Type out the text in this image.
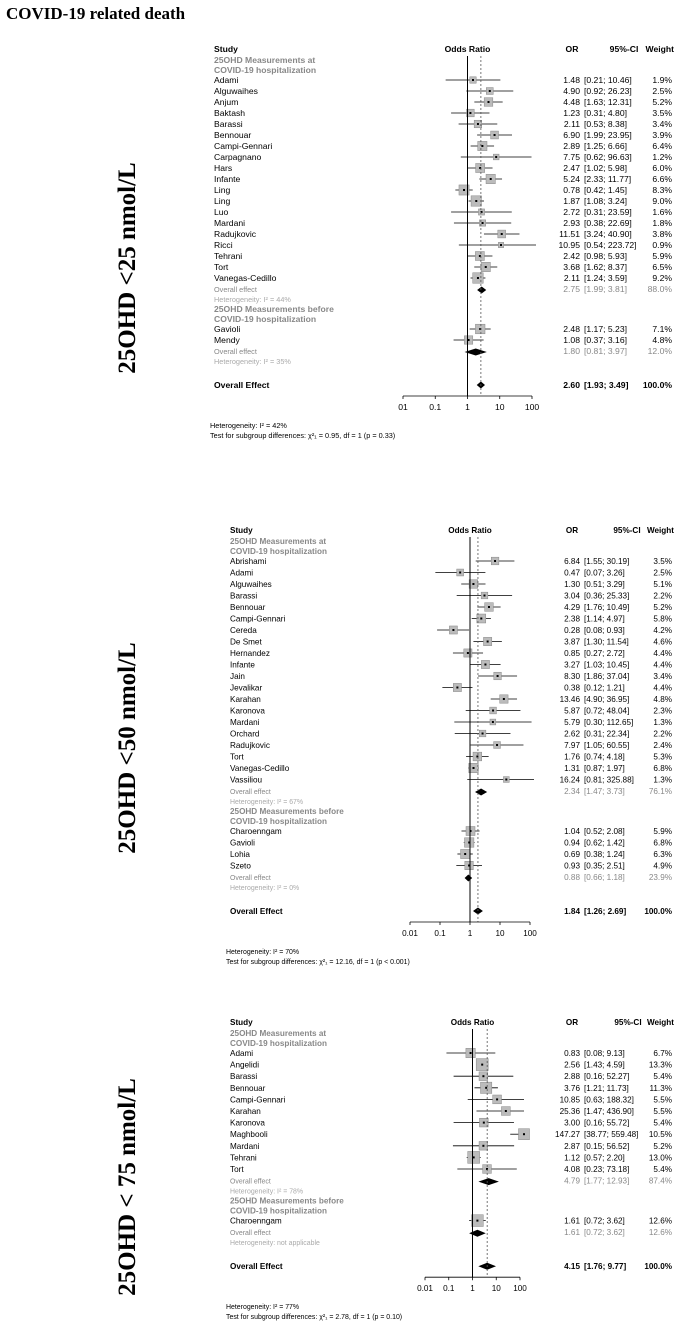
COVID-19 related death
25OHD <25 nmol/L
25OHD <50 nmol/L
25OHD < 75 nmol/L
Study	Odds Ratio	OR	95%-CI Weight
25OHD Measurements at
COVID-19 hospitalization
Adami	1.48 [0.21; 10.46] 1.9%
Alguwaihes	4.90 [0.92; 26.23] 2.5%
Anjum	4.48 [1.63; 12.31] 5.2%
Baktash	1.23 [0.31; 4.80]	3.5%
Barassi	2.11 [0.53; 8.38]	3.4%
Bennouar	6.90 [1.99; 23.95] 3.9%
Campi-Gennari	2.89 [1.25; 6.66]	6.4%
Carpagnano	7.75 [0.62; 96.63] 1.2%
Hars	2.47 [1.02; 5.98]	6.0%
Infante	5.24 [2.33; 11.77] 6.6%
Ling	0.78 [0.42; 1.45]	8.3%
Ling	1.87 [1.08; 3.24]	9.0%
Luo	2.72 [0.31; 23.59] 1.6%
Mardani	2.93 [0.38; 22.69] 1.8%
Radujkovic	11.51 [3.24; 40.90] 3.8%
Ricci	10.95 [0.54; 223.72] 0.9%
Tehrani	2.42 [0.98; 5.93]	5.9%
Tort	3.68 [1.62; 8.37]	6.5%
Vanegas-Cedillo	2.11 [1.24; 3.59]	9.2%
Overall effect	2.75 [1.99; 3.81] 88.0%
Heterogeneity: I² = 44%
25OHD Measurements before
COVID-19 hospitalization
Gavioli	2.48 [1.17; 5.23]	7.1%
Mendy	1.08 [0.37; 3.16]	4.8%
Overall effect	1.80 [0.81; 3.97] 12.0%
Heterogeneity: I² = 35%
Overall Effect	2.60 [1.93; 3.49] 100.0%
01 0.1	1	10 100
Heterogeneity: I² = 42%
Test for subgroup differences: χ²₁ = 0.95, df = 1 (p = 0.33)
Study	Odds Ratio	OR	95%-CI Weight
25OHD Measurements at
COVID-19 hospitalization
Abrishami	6.84 [1.55; 30.19]	3.5%
Adami	0.47 [0.07; 3.26]	2.5%
Alguwaihes	1.30 [0.51; 3.29]	5.1%
Barassi	3.04 [0.36; 25.33]	2.2%
Bennouar	4.29 [1.76; 10.49]	5.2%
Campi-Gennari	2.38 [1.14; 4.97]	5.8%
Cereda	0.28 [0.08; 0.93]	4.2%
De Smet	3.87 [1.30; 11.54]	4.6%
Hernandez	0.85 [0.27; 2.72]	4.4%
Infante	3.27 [1.03; 10.45]	4.4%
Jain	8.30 [1.86; 37.04]	3.4%
Jevalikar	0.38 [0.12; 1.21]	4.4%
Karahan	13.46 [4.90; 36.95]	4.8%
Karonova	5.87 [0.72; 48.04]	2.3%
Mardani	5.79 [0.30; 112.65] 1.3%
Orchard	2.62 [0.31; 22.34]	2.2%
Radujkovic	7.97 [1.05; 60.55]	2.4%
Tort	1.76 [0.74; 4.18]	5.3%
Vanegas-Cedillo	1.31 [0.87; 1.97]	6.8%
Vassiliou	16.24 [0.81; 325.88] 1.3%
Overall effect	2.34 [1.47; 3.73]	76.1%
Heterogeneity: I² = 67%
25OHD Measurements before
COVID-19 hospitalization
Charoenngam	1.04 [0.52; 2.08]	5.9%
Gavioli	0.94 [0.62; 1.42]	6.8%
Lohia	0.69 [0.38; 1.24]	6.3%
Szeto	0.93 [0.35; 2.51]	4.9%
Overall effect	0.88 [0.66; 1.18]	23.9%
Heterogeneity: I² = 0%
Overall Effect	1.84 [1.26; 2.69] 100.0%
0.01 0.1	1	10 100
Heterogeneity: I² = 70%
Test for subgroup differences: χ²₁ = 12.16, df = 1 (p < 0.001)
Study	Odds Ratio	OR	95%-CI Weight
25OHD Measurements at
COVID-19 hospitalization
Adami	0.83 [0.08; 9.13]	6.7%
Angelidi	2.56 [1.43; 4.59]	13.3%
Barassi	2.88 [0.16; 52.27]	5.4%
Bennouar	3.76 [1.21; 11.73]	11.3%
Campi-Gennari	10.85 [0.63; 188.32] 5.5%
Karahan	25.36 [1.47; 436.90] 5.5%
Karonova	3.00 [0.16; 55.72]	5.4%
Maghbooli	147.27 [38.77; 559.48] 10.5%
Mardani	2.87 [0.15; 56.52]	5.2%
Tehrani	1.12 [0.57; 2.20]	13.0%
Tort	4.08 [0.23; 73.18]	5.4%
Overall effect	4.79 [1.77; 12.93] 87.4%
Heterogeneity: I² = 78%
25OHD Measurements before
COVID-19 hospitalization
Charoenngam	1.61 [0.72; 3.62]	12.6%
Overall effect	1.61 [0.72; 3.62]	12.6%
Heterogeneity: not applicable
Overall Effect	4.15 [1.76; 9.77] 100.0%
0.01 0.1 1 10 100
Heterogeneity: I² = 77%
Test for subgroup differences: χ²₁ = 2.78, df = 1 (p = 0.10)
